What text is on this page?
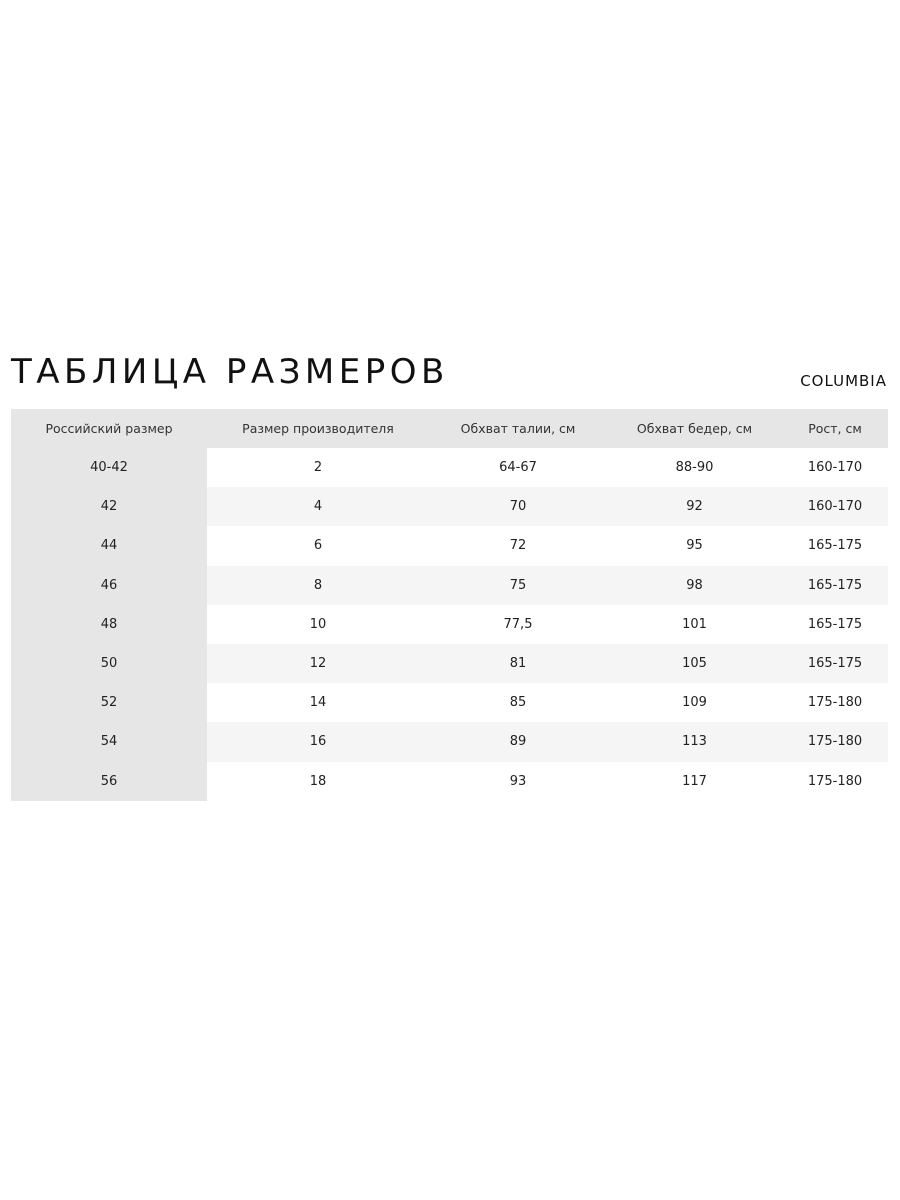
ТАБЛИЦА РАЗМЕРОВ	COLUMBIA
Российский размер	Размер производителя	Обхват талии, см	Обхват бедер, см	Рост, см
40-42	2	64-67	88-90	160-170
42	4	70	92	160-170
44	6	72	95	165-175
46	8	75	98	165-175
48	10	77,5	101	165-175
50	12	81	105	165-175
52	14	85	109	175-180
54	16	89	113	175-180
56	18	93	117	175-180
